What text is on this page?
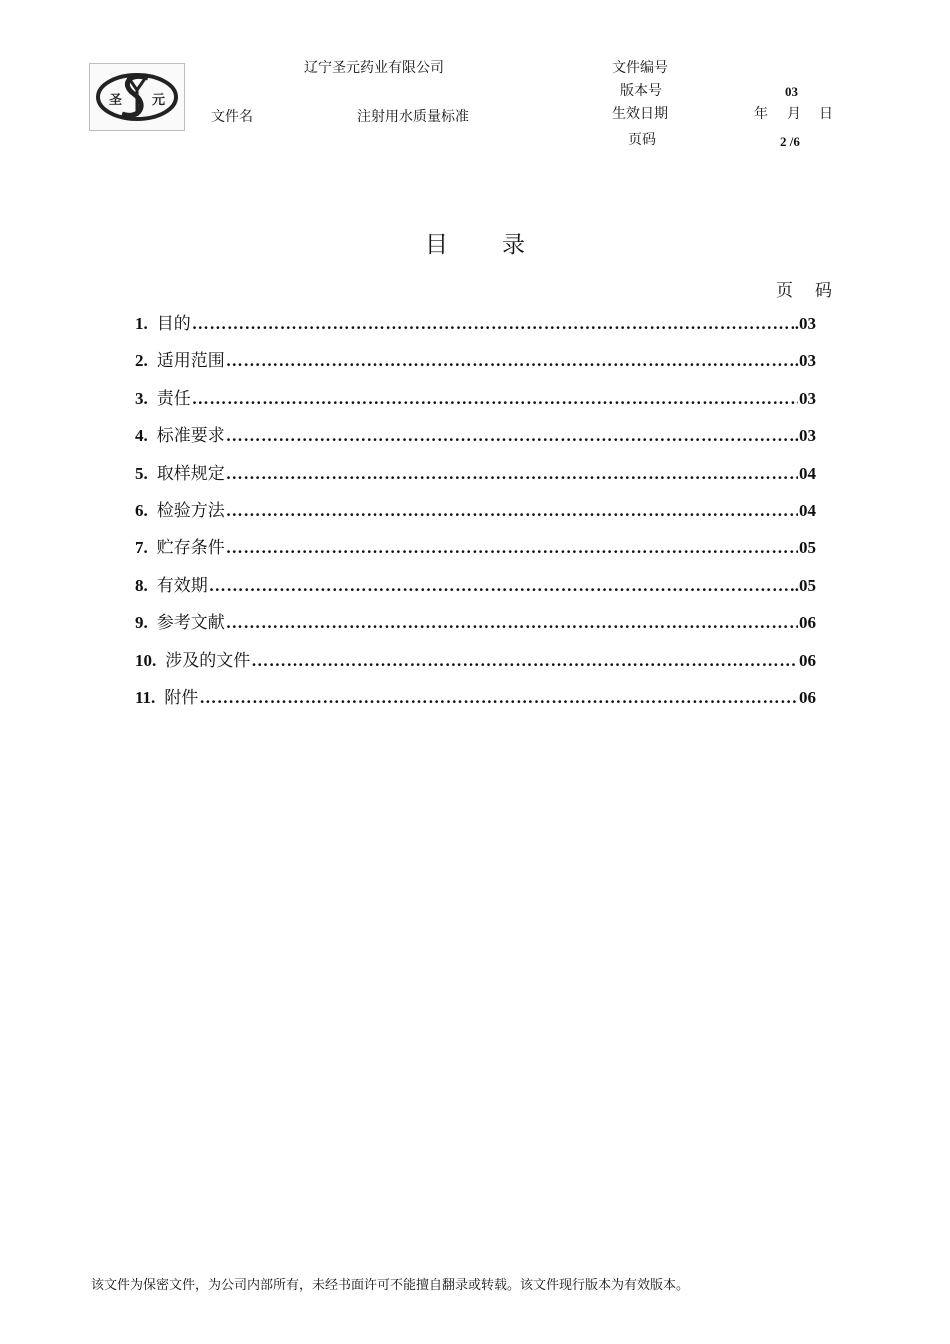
圣 元
辽宁圣元药业有限公司
文件名	注射用水质量标准
文件编号
版本号	03
生效日期	年 月 日
页码	2 /6
目 录
页 码
1. 目的 ……………………………………………………………………………………………………………………………………	.03
2. 适用范围 ……………………………………………………………………………………………………………………………………	.03
3. 责任 ……………………………………………………………………………………………………………………………………	03
4. 标准要求 ……………………………………………………………………………………………………………………………………	.03
5. 取样规定 ……………………………………………………………………………………………………………………………………	04
6. 检验方法 ……………………………………………………………………………………………………………………………………	04
7. 贮存条件 ……………………………………………………………………………………………………………………………………	05
8. 有效期 ……………………………………………………………………………………………………………………………………	.05
9. 参考文献 ……………………………………………………………………………………………………………………………………	06
10. 涉及的文件 ……………………………………………………………………………………………………………………………………	06
11. 附件 ……………………………………………………………………………………………………………………………………	06
该文件为保密文件，为公司内部所有，未经书面许可不能擅自翻录或转载。该文件现行版本为有效版本。
